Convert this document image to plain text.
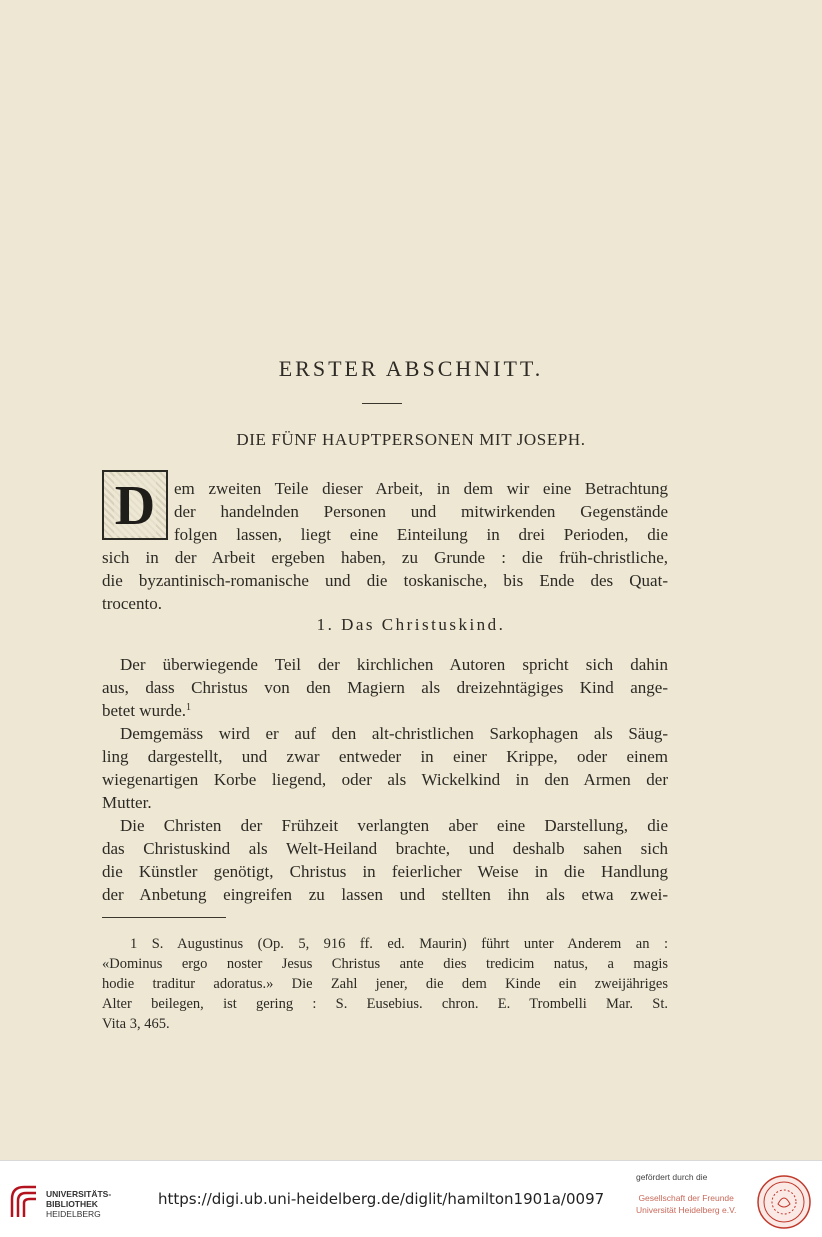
ERSTER ABSCHNITT.
DIE FÜNF HAUPTPERSONEN MIT JOSEPH.
D em zweiten Teile dieser Arbeit, in dem wir eine Betrachtung
der handelnden Personen und mitwirkenden Gegenstände
folgen lassen, liegt eine Einteilung in drei Perioden, die
sich in der Arbeit ergeben haben, zu Grunde : die früh-christliche,
die byzantinisch-romanische und die toskanische, bis Ende des Quat-
trocento.
1. Das Christuskind.
Der überwiegende Teil der kirchlichen Autoren spricht sich dahin
aus, dass Christus von den Magiern als dreizehntägiges Kind ange-
betet wurde.$^1$
Demgemäss wird er auf den alt-christlichen Sarkophagen als Säug-
ling dargestellt, und zwar entweder in einer Krippe, oder einem
wiegenartigen Korbe liegend, oder als Wickelkind in den Armen der
Mutter.
Die Christen der Frühzeit verlangten aber eine Darstellung, die
das Christuskind als Welt-Heiland brachte, und deshalb sahen sich
die Künstler genötigt, Christus in feierlicher Weise in die Handlung
der Anbetung eingreifen zu lassen und stellten ihn als etwa zwei-
1 S. Augustinus (Op. 5, 916 ff. ed. Maurin) führt unter Anderem an :
«Dominus ergo noster Jesus Christus ante dies tredicim natus, a magis
hodie traditur adoratus.» Die Zahl jener, die dem Kinde ein zweijähriges
Alter beilegen, ist gering : S. Eusebius. chron. E. Trombelli Mar. St.
Vita 3, 465.
UNIVERSITÄTS-
BIBLIOTHEK
HEIDELBERG
https://digi.ub.uni-heidelberg.de/diglit/hamilton1901a/0097
gefördert durch die
Gesellschaft der Freunde
Universität Heidelberg e.V.
